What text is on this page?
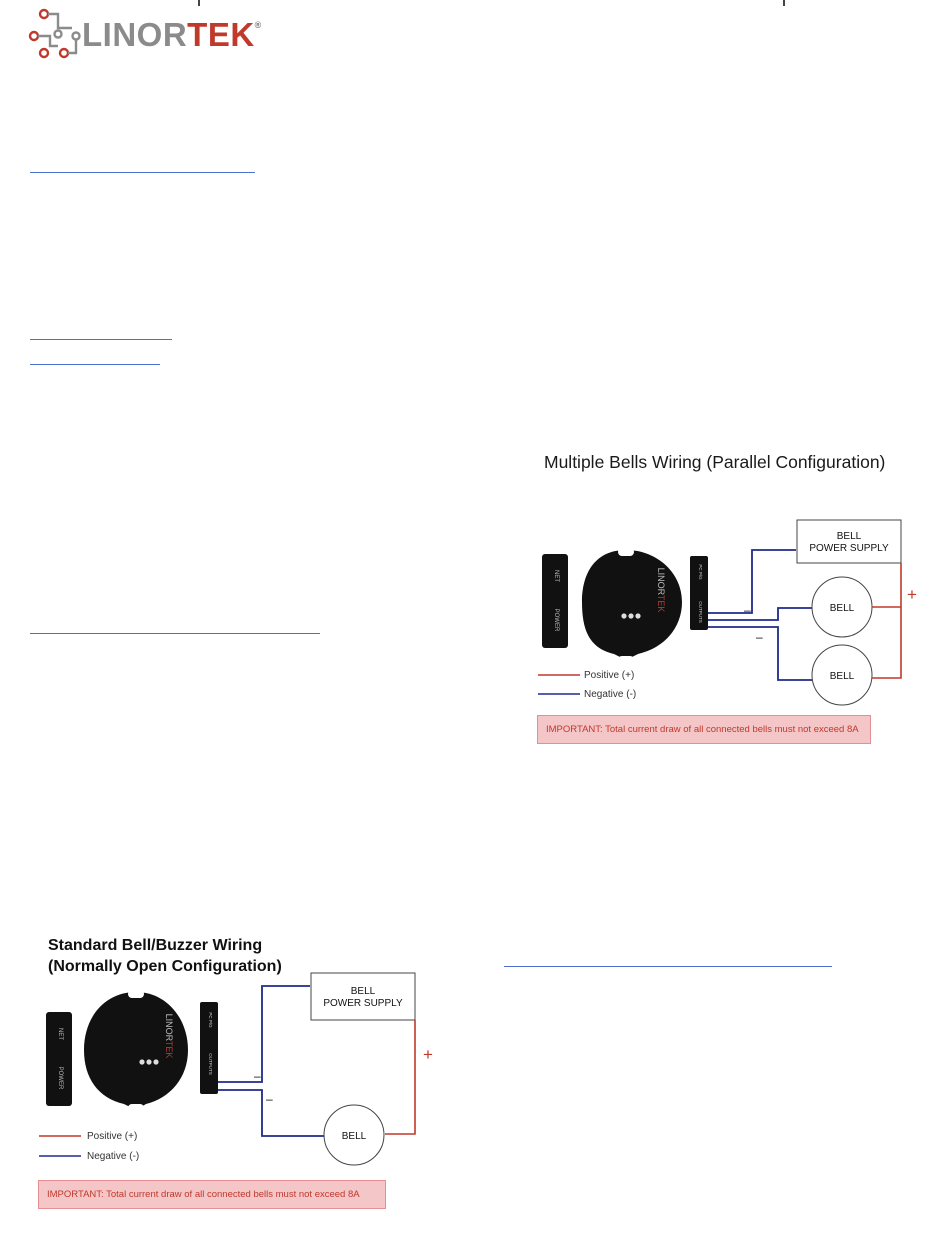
LINORTEK®
Multiple Bells Wiring (Parallel Configuration)
NET
POWER
LINORTEK
PC P/G
OUTPUTS	–
–
BELL
POWER SUPPLY
BELL
BELL
+
Positive (+)
Negative (-)
IMPORTANT: Total current draw of all connected bells must not exceed 8A
Standard Bell/Buzzer Wiring
(Normally Open Configuration)
NET
POWER
LINORTEK
PC P/G
OUTPUTS
–
–
BELL
POWER SUPPLY
BELL
+
Positive (+)
Negative (-)
IMPORTANT: Total current draw of all connected bells must not exceed 8A
